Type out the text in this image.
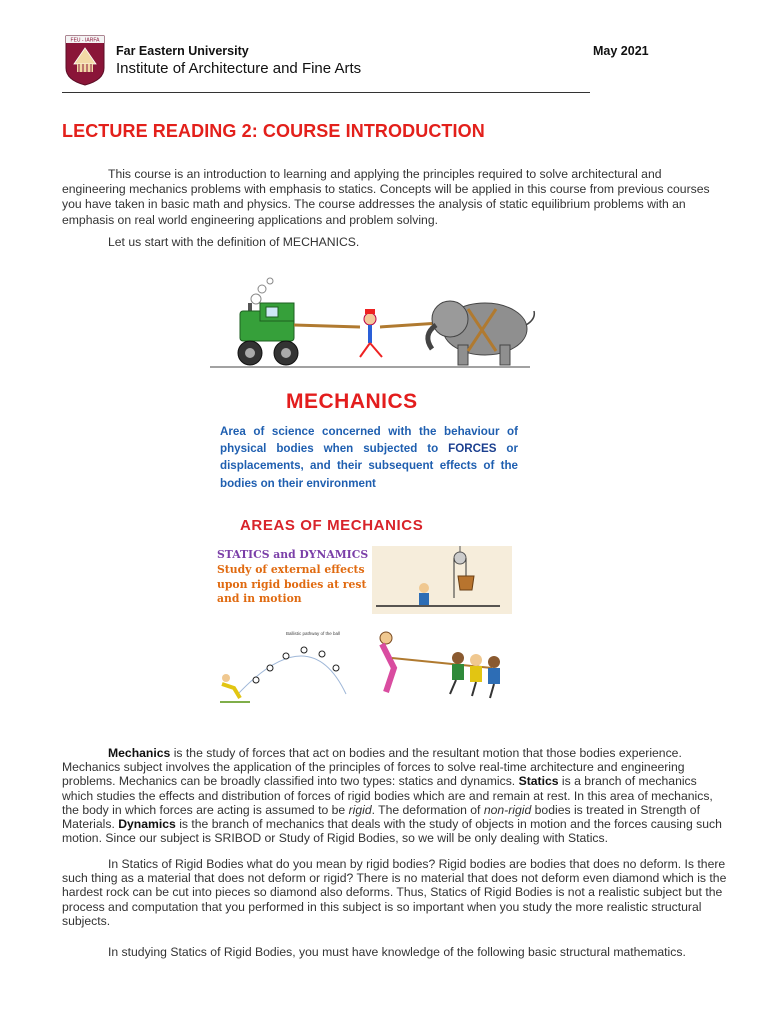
FEU - IARFA
Far Eastern University
Institute of Architecture and Fine Arts
May 2021
LECTURE READING 2: COURSE INTRODUCTION

This course is an introduction to learning and applying the principles required to solve architectural and engineering mechanics problems with emphasis to statics. Concepts will be applied in this course from previous courses you have taken in basic math and physics. The course addresses the analysis of static equilibrium problems with an emphasis on real world engineering applications and problem solving.

Let us start with the definition of MECHANICS.

MECHANICS
Area of science concerned with the behaviour of physical bodies when subjected to FORCES or displacements, and their subsequent effects of the bodies on their environment
AREAS OF MECHANICS
STATICS and DYNAMICS
Study of external effects upon rigid bodies at rest and in motion
Ballistic pathway of the ball

Mechanics is the study of forces that act on bodies and the resultant motion that those bodies experience. Mechanics subject involves the application of the principles of forces to solve real-time architecture and engineering problems. Mechanics can be broadly classified into two types: statics and dynamics. Statics is a branch of mechanics which studies the effects and distribution of forces of rigid bodies which are and remain at rest. In this area of mechanics, the body in which forces are acting is assumed to be rigid. The deformation of non-rigid bodies is treated in Strength of Materials. Dynamics is the branch of mechanics that deals with the study of objects in motion and the forces causing such motion. Since our subject is SRIBOD or Study of Rigid Bodies, so we will be only dealing with Statics.

In Statics of Rigid Bodies what do you mean by rigid bodies? Rigid bodies are bodies that does no deform. Is there such thing as a material that does not deform or rigid? There is no material that does not deform even diamond which is the hardest rock can be cut into pieces so diamond also deforms. Thus, Statics of Rigid Bodies is not a realistic subject but the process and computation that you performed in this subject is so important when you study the more realistic structural subjects.

In studying Statics of Rigid Bodies, you must have knowledge of the following basic structural mathematics.
